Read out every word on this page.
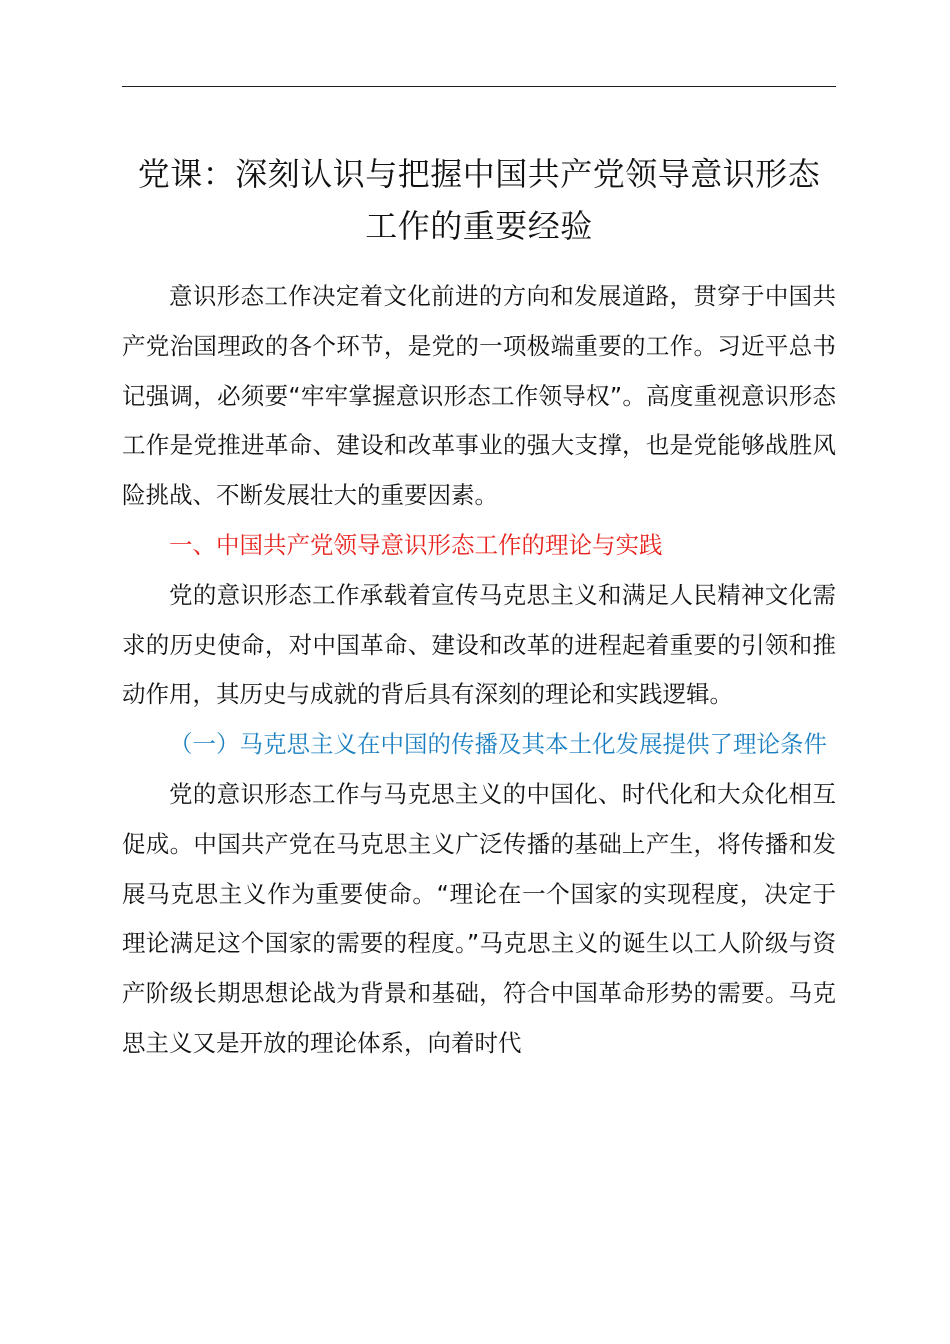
党课：深刻认识与把握中国共产党领导意识形态工作的重要经验

意识形态工作决定着文化前进的方向和发展道路，贯穿于中国共产党治国理政的各个环节，是党的一项极端重要的工作。习近平总书记强调，必须要“牢牢掌握意识形态工作领导权”。高度重视意识形态工作是党推进革命、建设和改革事业的强大支撑，也是党能够战胜风险挑战、不断发展壮大的重要因素。

一、中国共产党领导意识形态工作的理论与实践

党的意识形态工作承载着宣传马克思主义和满足人民精神文化需求的历史使命，对中国革命、建设和改革的进程起着重要的引领和推动作用，其历史与成就的背后具有深刻的理论和实践逻辑。

（一）马克思主义在中国的传播及其本土化发展提供了理论条件

党的意识形态工作与马克思主义的中国化、时代化和大众化相互促成。中国共产党在马克思主义广泛传播的基础上产生，将传播和发展马克思主义作为重要使命。“理论在一个国家的实现程度，决定于理论满足这个国家的需要的程度。”马克思主义的诞生以工人阶级与资产阶级长期思想论战为背景和基础，符合中国革命形势的需要。马克思主义又是开放的理论体系，向着时代
